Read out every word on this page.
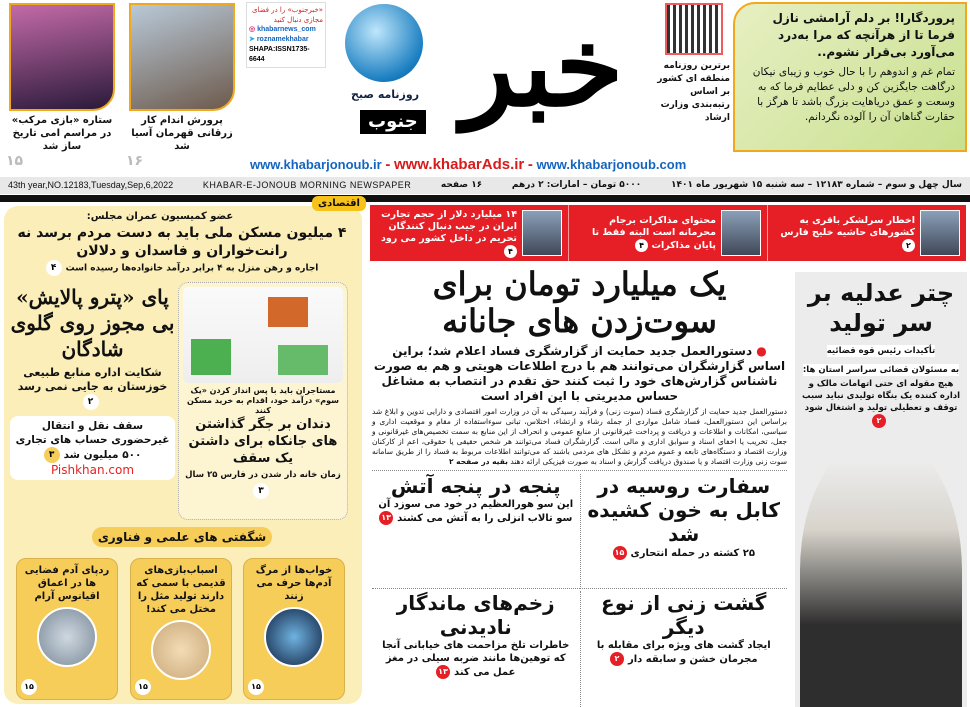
ستاره «بازی مرکب» در مراسم امی تاریخ ساز شد
۱۵
پرورش اندام کار زرقانی قهرمان آسیا شد
۱۶
«خبرجنوب» را در فضای مجازی دنبال کنید
◎ khabarnews_com
➤ roznamekhabar
SHAPA:ISSN1735-6644
روزنامه صبح
جنوب خبر	برترین روزنامه منطقه ای کشور بر اساس رتبه‌بندی وزارت ارشاد
پروردگارا! بر دلم آرامشی نازل فرما تا از هرآنچه که مرا به‌درد می‌آورد بی‌قرار نشوم..
تمام غم و اندوهم را با حال خوب و زیبای نیکان درگاهت جایگزین کن و دلی عطایم فرما که به وسعت و عمق دریاهایت بزرگ باشد تا هرگز با حقارت گناهان آن را آلوده نگردانم.
www.khabarjonoub.ir - www.khabarAds.ir - www.khabarjonoub.com
43th year,NO.12183,Tuesday,Sep,6,2022	KHABAR-E-JONOUB MORNING NEWSPAPER	۱۶ صفحه	۵۰۰۰ تومان – امارات: ۲ درهم	سال چهل و سوم – شماره ۱۲۱۸۳ – سه شنبه ۱۵ شهریور ماه ۱۴۰۱
اخطار سرلشکر باقری به کشورهای حاشیه خلیج فارس ۲
محتوای مذاکرات برجام محرمانه است البته فقط تا پایان مذاکرات ۴
۱۴ میلیارد دلار از حجم تجارت ایران در جیب دنبال کنندگان تحریم در داخل کشور می رود ۴
اقتصادی
عضو کمیسیون عمران مجلس:
۴ میلیون مسکن ملی باید به دست مردم برسد نه رانت‌خواران و فاسدان و دلالان
اجاره و رهن منزل به ۴ برابر درآمد خانواده‌ها رسیده است۴
پای «پترو پالایش» بی مجوز روی گلوی شادگان
شکایت اداره منابع طبیعی خوزستان به جایی نمی رسد۲
سقف نقل و انتقال غیرحضوری حساب های تجاری ۵۰۰ میلیون شد۳
Pishkhan.com
مستاجران باید با پس انداز کردن «یک سوم» درآمد خود، اقدام به خرید مسکن کنند
دندان بر جگر گذاشتن های جانکاه برای داشتن یک سقف
زمان خانه دار شدن در فارس ۲۵ سال۳
شگفتی های علمی و فناوری
خواب‌ها از مرگ آدم‌ها حرف می زنند
۱۵
اسباب‌بازی‌های قدیمی با سمی که دارند تولید مثل را مختل می کند!
۱۵
ردپای آدم فضایی ها در اعماق اقیانوس آرام
۱۵
یک میلیارد تومان برای سوت‌زدن های جانانه
● دستورالعمل جدید حمایت از گزارشگری فساد اعلام شد؛ براین اساس گزارشگران می‌توانند هم با درج اطلاعات هویتی و هم به صورت ناشناس گزارش‌های خود را ثبت کنند حق تقدم در انتصاب به مشاغل حساس مدیریتی با این افراد است
دستورالعمل جدید حمایت از گزارشگری فساد (سوت زنی) و فرآیند رسیدگی به آن در وزارت امور اقتصادی و دارایی تدوین و ابلاغ شد براساس این دستورالعمل، فساد شامل مواردی از جمله رشاء و ارتشاء، اختلاس، تبانی سوءاستفاده از مقام و موقعیت اداری و سیاسی، امکانات و اطلاعات و دریافت و پرداخت غیرقانونی از منابع عمومی و انحراف از این منابع به سمت تخصیص‌های غیرقانونی و جعل، تخریب یا اخفای اسناد و سوابق اداری و مالی است. گزارشگران فساد می‌توانند هر شخص حقیقی یا حقوقی، اعم از کارکنان وزارت اقتصاد و دستگاه‌های تابعه و عموم مردم و تشکل های مردمی باشند که می‌توانند اطلاعات مربوط به فساد را از طریق سامانه سوت زنی وزارت اقتصاد و یا صندوق دریافت گزارش و اسناد به صورت فیزیکی ارائه دهند بقیه در صفحه ۲
سفارت روسیه در کابل به خون کشیده شد

۲۵ کشته در حمله انتحاری۱۵

پنجه در پنجه آتش

این سو هورالعظیم در خود می سوزد آن سو تالاب انزلی را به آتش می کشند۱۳

گشت زنی از نوع دیگر

ایجاد گشت های ویژه برای مقابله با مجرمان خشن و سابقه دار۲

زخم‌های ماندگار نادیدنی

خاطرات تلخ مزاحمت های خیابانی آنجا که توهین‌ها مانند ضربه سیلی در مغز عمل می کند۱۳

چتر عدلیه بر سر تولید
تأکیدات رئیس قوه قضائیه به مسئولان قضائی سراسر استان ها:
هیچ مقوله ای حتی اتهامات مالک و اداره کننده یک بنگاه تولیدی نباید سبب توقف و تعطیلی تولید و اشتغال شود۲
